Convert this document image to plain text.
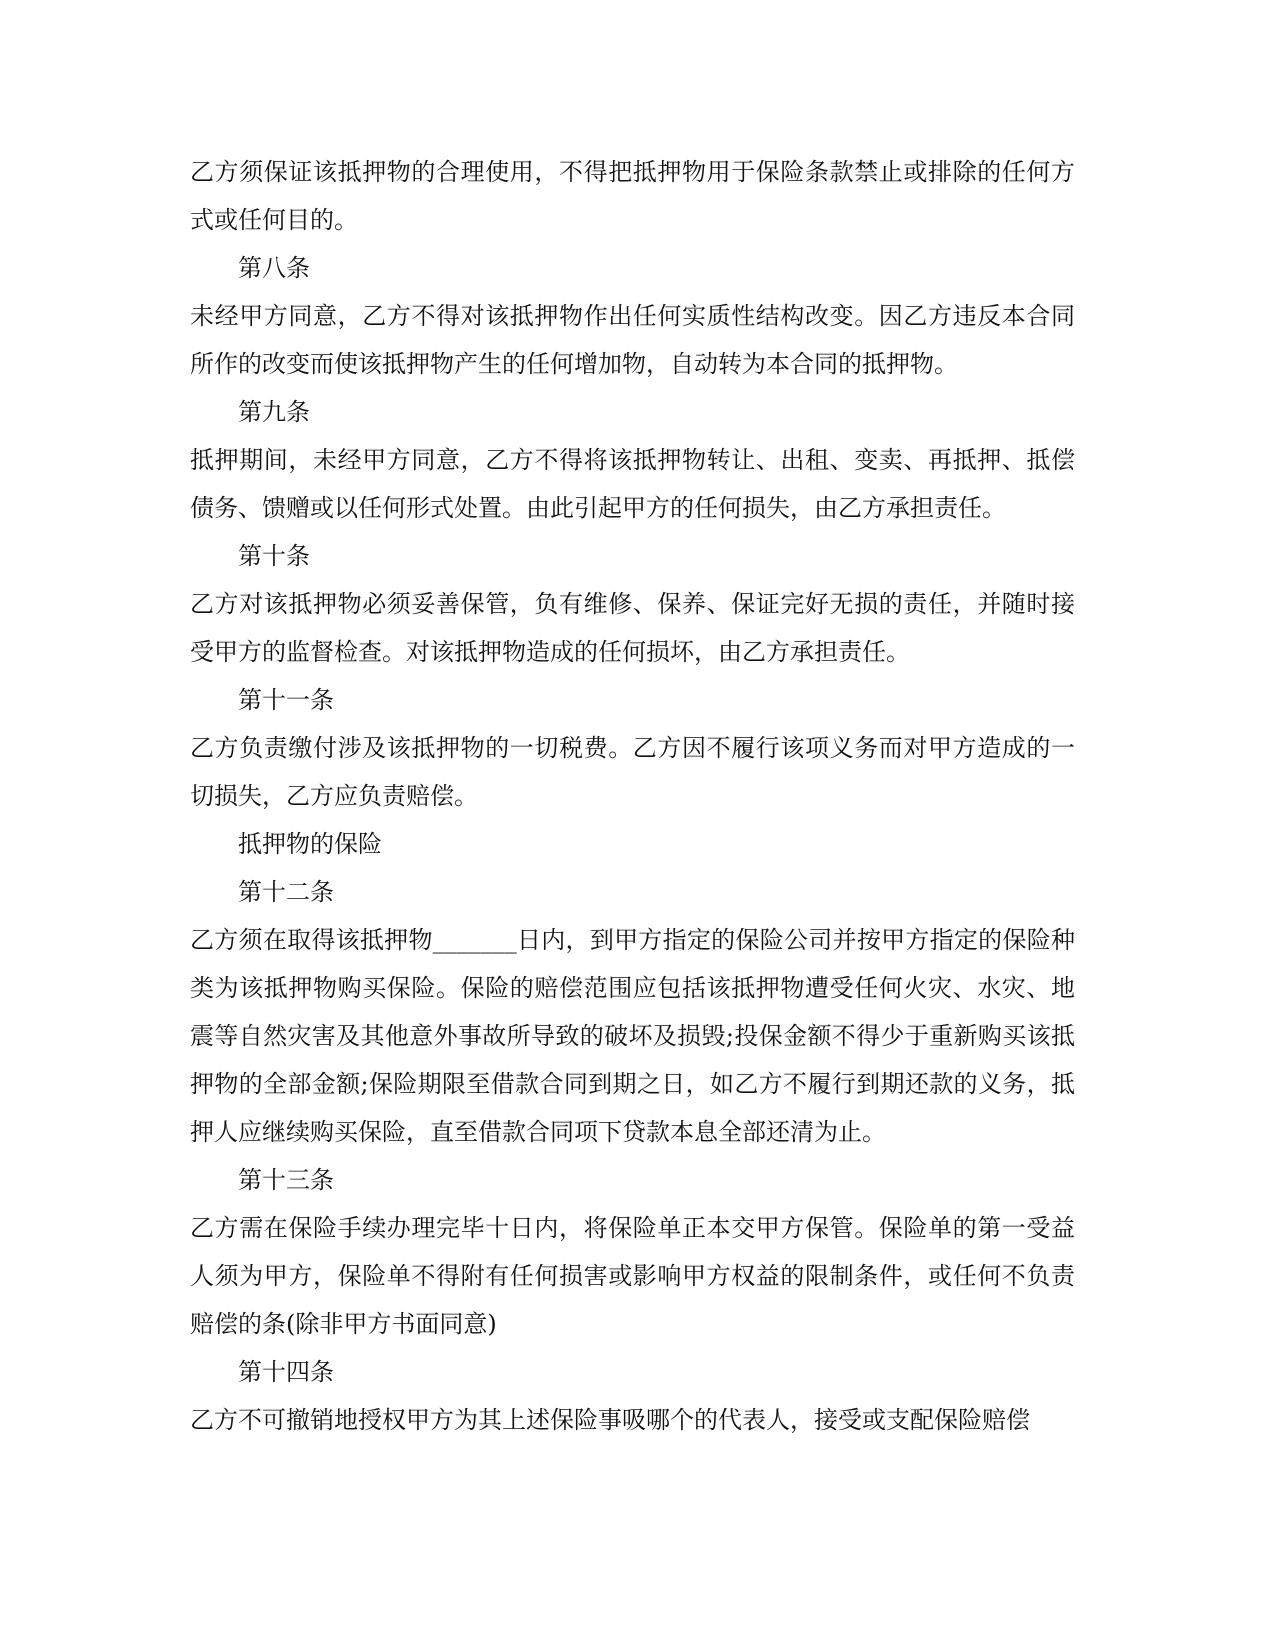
乙方须保证该抵押物的合理使用，不得把抵押物用于保险条款禁止或排除的任何方式或任何目的。

第八条

未经甲方同意，乙方不得对该抵押物作出任何实质性结构改变。因乙方违反本合同所作的改变而使该抵押物产生的任何增加物，自动转为本合同的抵押物。

第九条

抵押期间，未经甲方同意，乙方不得将该抵押物转让、出租、变卖、再抵押、抵偿债务、馈赠或以任何形式处置。由此引起甲方的任何损失，由乙方承担责任。

第十条

乙方对该抵押物必须妥善保管，负有维修、保养、保证完好无损的责任，并随时接受甲方的监督检查。对该抵押物造成的任何损坏，由乙方承担责任。

第十一条

乙方负责缴付涉及该抵押物的一切税费。乙方因不履行该项义务而对甲方造成的一切损失，乙方应负责赔偿。

抵押物的保险

第十二条

乙方须在取得该抵押物_______日内，到甲方指定的保险公司并按甲方指定的保险种类为该抵押物购买保险。保险的赔偿范围应包括该抵押物遭受任何火灾、水灾、地震等自然灾害及其他意外事故所导致的破坏及损毁;投保金额不得少于重新购买该抵押物的全部金额;保险期限至借款合同到期之日，如乙方不履行到期还款的义务，抵押人应继续购买保险，直至借款合同项下贷款本息全部还清为止。

第十三条

乙方需在保险手续办理完毕十日内，将保险单正本交甲方保管。保险单的第一受益人须为甲方，保险单不得附有任何损害或影响甲方权益的限制条件，或任何不负责赔偿的条(除非甲方书面同意)

第十四条

乙方不可撤销地授权甲方为其上述保险事吸哪个的代表人，接受或支配保险赔偿
